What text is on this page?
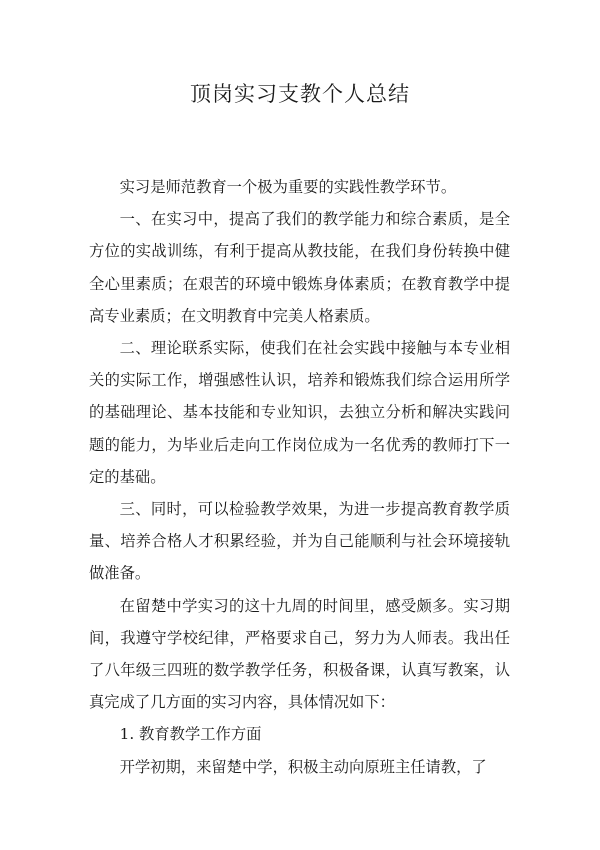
顶岗实习支教个人总结

实习是师范教育一个极为重要的实践性教学环节。

一、在实习中，提高了我们的教学能力和综合素质，是全方位的实战训练，有利于提高从教技能，在我们身份转换中健全心里素质；在艰苦的环境中锻炼身体素质；在教育教学中提高专业素质；在文明教育中完美人格素质。

二、理论联系实际，使我们在社会实践中接触与本专业相关的实际工作，增强感性认识，培养和锻炼我们综合运用所学的基础理论、基本技能和专业知识，去独立分析和解决实践问题的能力，为毕业后走向工作岗位成为一名优秀的教师打下一定的基础。

三、同时，可以检验教学效果，为进一步提高教育教学质量、培养合格人才积累经验，并为自己能顺利与社会环境接轨做准备。

在留楚中学实习的这十九周的时间里，感受颇多。实习期间，我遵守学校纪律，严格要求自己，努力为人师表。我出任了八年级三四班的数学教学任务，积极备课，认真写教案，认真完成了几方面的实习内容，具体情况如下：

1. 教育教学工作方面

开学初期，来留楚中学，积极主动向原班主任请教，了
